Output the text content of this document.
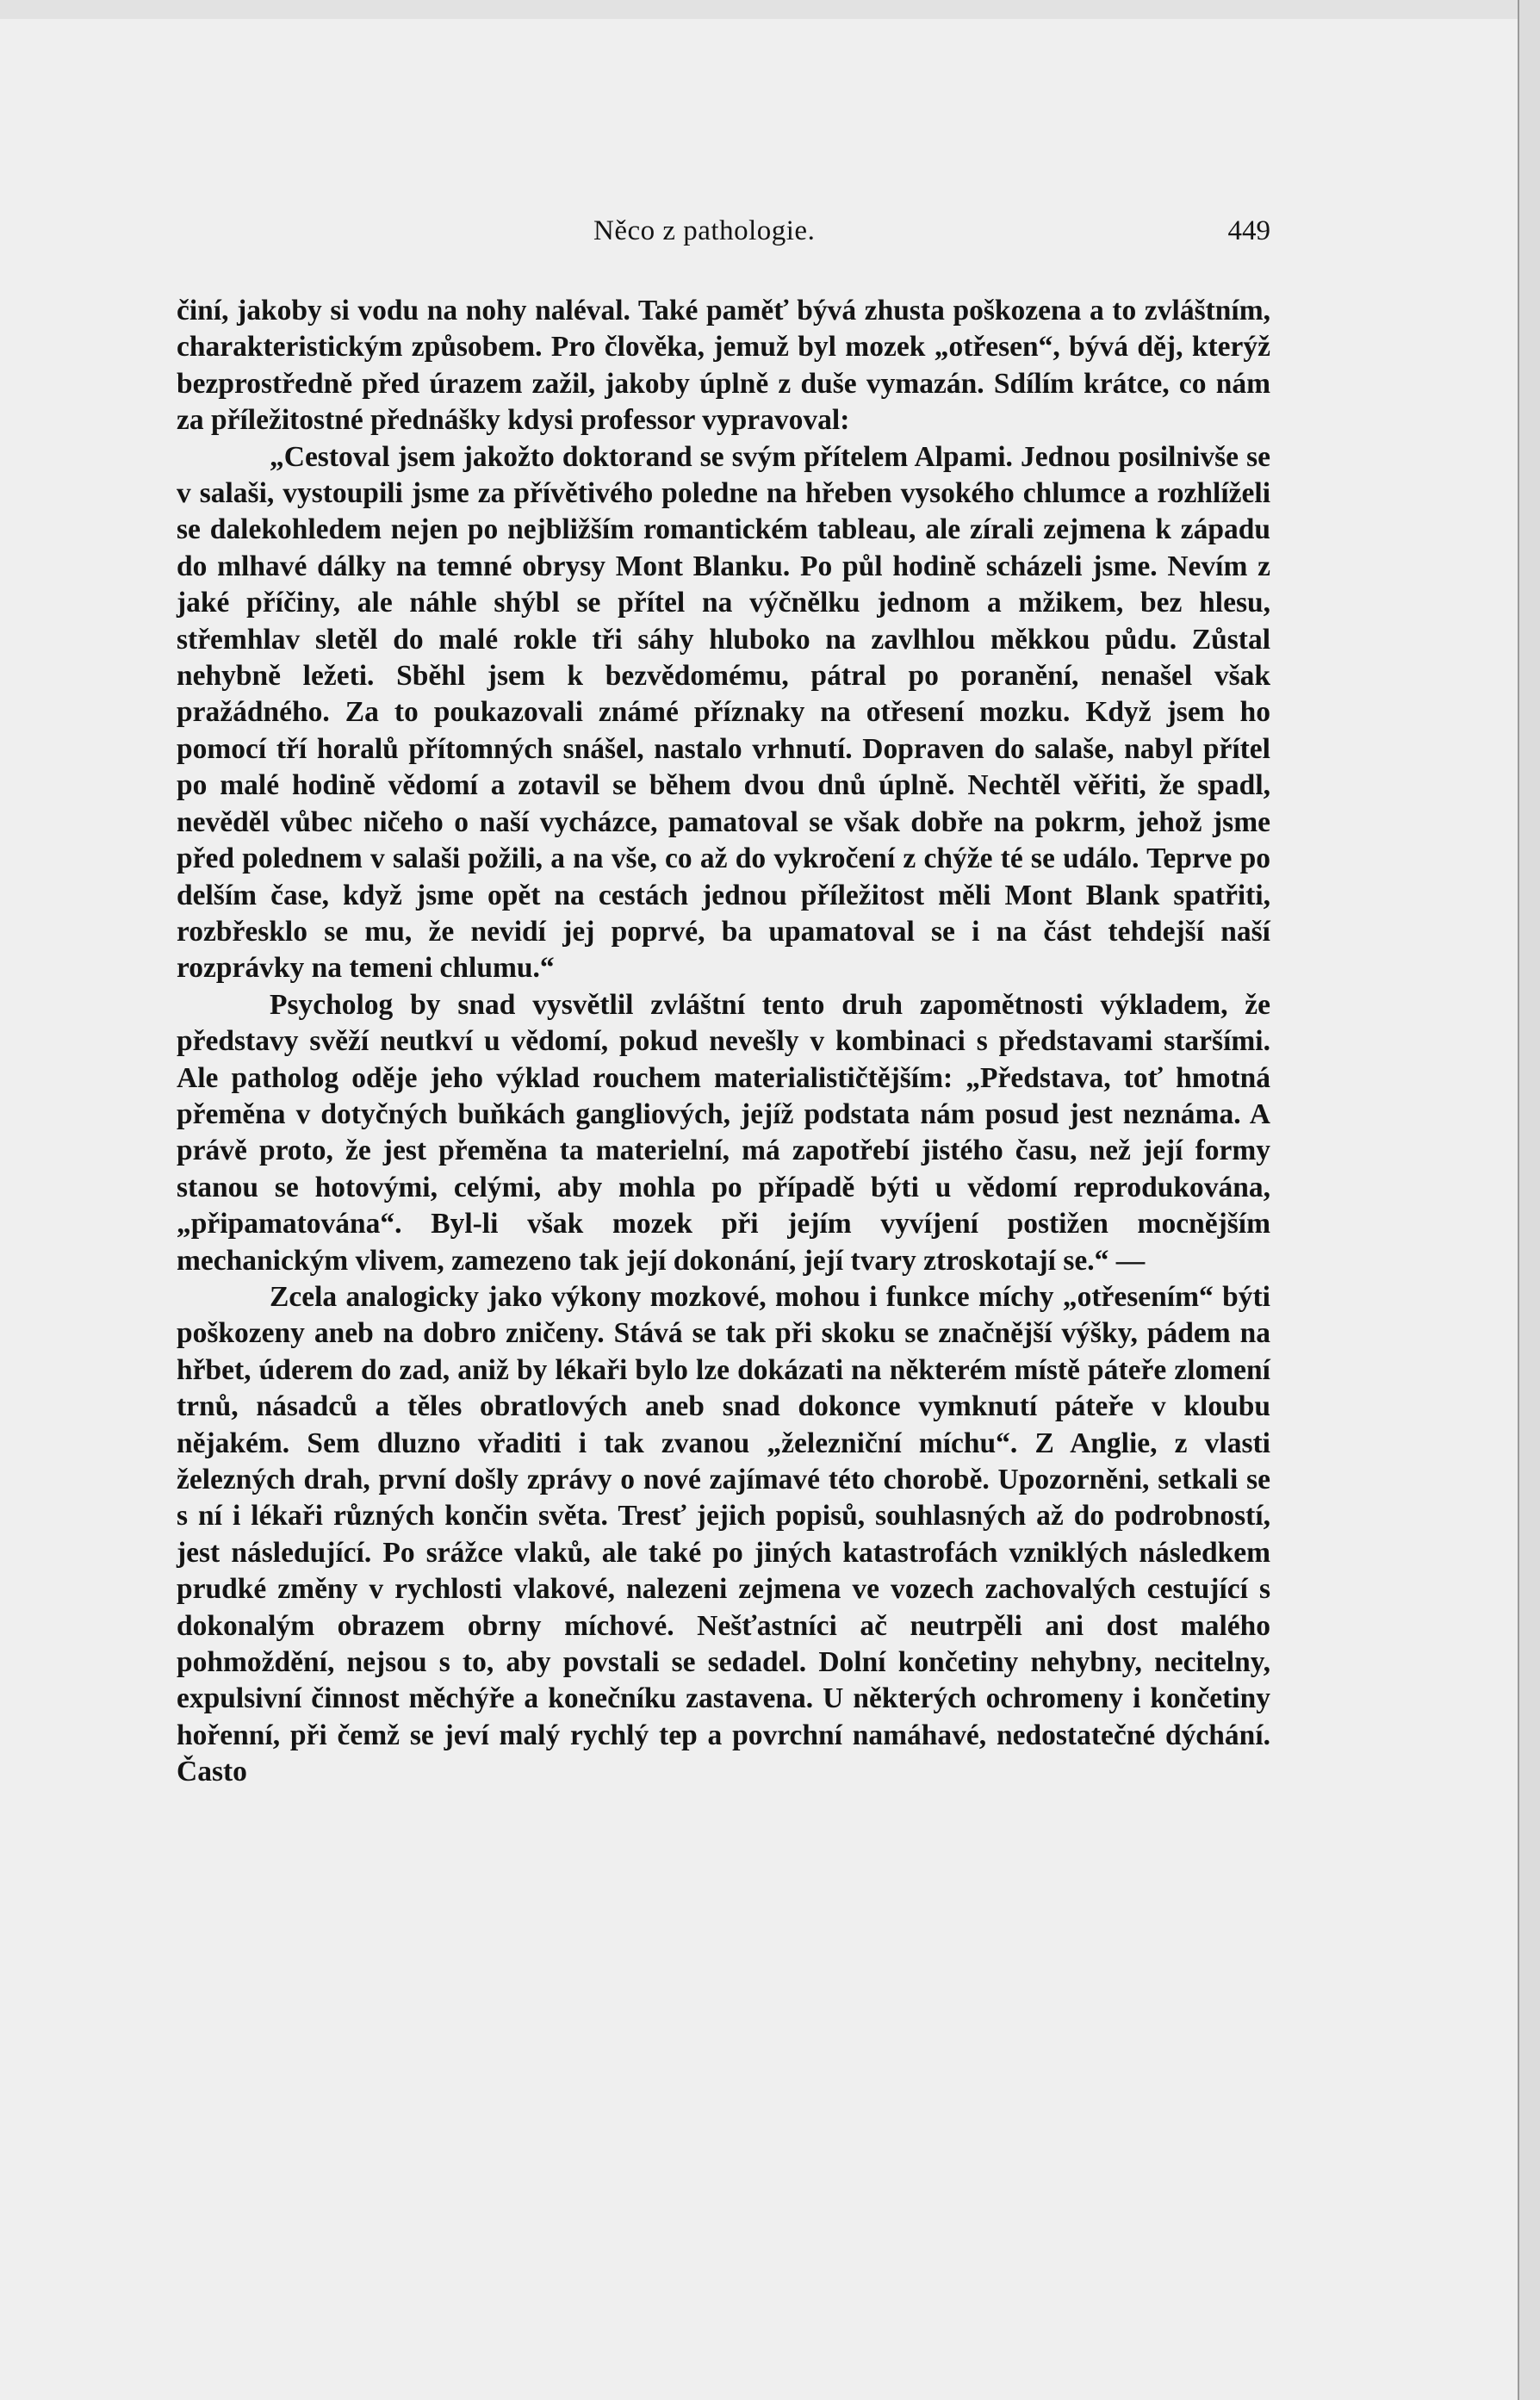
Něco z pathologie.	449

činí, jakoby si vodu na nohy naléval. Také paměť bývá zhusta poškozena a to zvláštním, charakteristickým způsobem. Pro člověka, jemuž byl mozek „otřesen“, bývá děj, kterýž bezprostředně před úrazem zažil, jakoby úplně z duše vymazán. Sdílím krátce, co nám za příležitostné přednášky kdysi professor vypravoval:

„Cestoval jsem jakožto doktorand se svým přítelem Alpami. Jednou posilnivše se v salaši, vystoupili jsme za přívětivého poledne na hřeben vysokého chlumce a rozhlíželi se dalekohledem nejen po nejbližším romantickém tableau, ale zírali zejmena k západu do mlhavé dálky na temné obrysy Mont Blanku. Po půl hodině scházeli jsme. Nevím z jaké příčiny, ale náhle shýbl se přítel na výčnělku jednom a mžikem, bez hlesu, střemhlav sletěl do malé rokle tři sáhy hluboko na zavlhlou měkkou půdu. Zůstal nehybně ležeti. Sběhl jsem k bezvědomému, pátral po poranění, nenašel však pražádného. Za to poukazovali známé příznaky na otřesení mozku. Když jsem ho pomocí tří horalů přítomných snášel, nastalo vrhnutí. Dopraven do salaše, nabyl přítel po malé hodině vědomí a zotavil se během dvou dnů úplně. Nechtěl věřiti, že spadl, nevěděl vůbec ničeho o naší vycházce, pamatoval se však dobře na pokrm, jehož jsme před polednem v salaši požili, a na vše, co až do vykročení z chýže té se událo. Teprve po delším čase, když jsme opět na cestách jednou příležitost měli Mont Blank spatřiti, rozbřesklo se mu, že nevidí jej poprvé, ba upamatoval se i na část tehdejší naší rozprávky na temeni chlumu.“

Psycholog by snad vysvětlil zvláštní tento druh zapomětnosti výkladem, že představy svěží neutkví u vědomí, pokud nevešly v kombinaci s představami staršími. Ale patholog oděje jeho výklad rouchem materialističtějším: „Představa, toť hmotná přeměna v dotyčných buňkách gangliových, jejíž podstata nám posud jest neznáma. A právě proto, že jest přeměna ta materielní, má zapotřebí jistého času, než její formy stanou se hotovými, celými, aby mohla po případě býti u vědomí reprodukována, „připamatována“. Byl-li však mozek při jejím vyvíjení postižen mocnějším mechanickým vlivem, zamezeno tak její dokonání, její tvary ztroskotají se.“ —

Zcela analogicky jako výkony mozkové, mohou i funkce míchy „otřesením“ býti poškozeny aneb na dobro zničeny. Stává se tak při skoku se značnější výšky, pádem na hřbet, úderem do zad, aniž by lékaři bylo lze dokázati na některém místě páteře zlomení trnů, násadců a těles obratlových aneb snad dokonce vymknutí páteře v kloubu nějakém. Sem dluzno vřaditi i tak zvanou „železniční míchu“. Z Anglie, z vlasti železných drah, první došly zprávy o nové zajímavé této chorobě. Upozorněni, setkali se s ní i lékaři různých končin světa. Tresť jejich popisů, souhlasných až do podrobností, jest následující. Po srážce vlaků, ale také po jiných katastrofách vzniklých následkem prudké změny v rychlosti vlakové, nalezeni zejmena ve vozech zachovalých cestující s dokonalým obrazem obrny míchové. Nešťastníci ač neutrpěli ani dost malého pohmoždění, nejsou s to, aby povstali se sedadel. Dolní končetiny nehybny, necitelny, expulsivní činnost měchýře a konečníku zastavena. U některých ochromeny i končetiny hořenní, při čemž se jeví malý rychlý tep a povrchní namáhavé, nedostatečné dýchání. Často
